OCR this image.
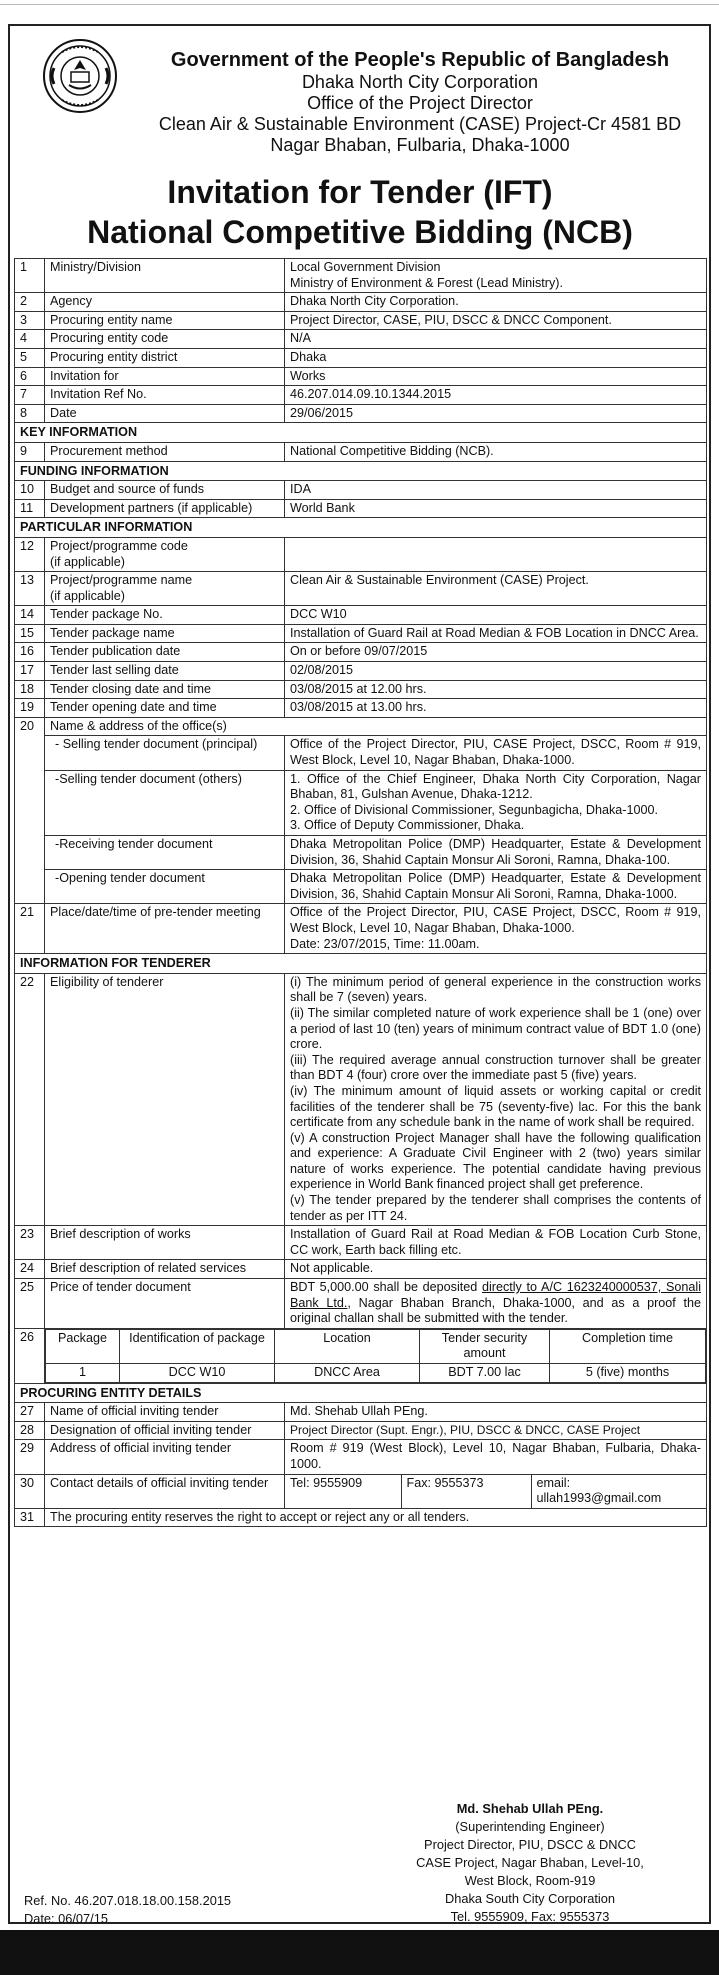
Government of the People's Republic of Bangladesh
Dhaka North City Corporation
Office of the Project Director
Clean Air & Sustainable Environment (CASE) Project-Cr 4581 BD
Nagar Bhaban, Fulbaria, Dhaka-1000
Invitation for Tender (IFT)
National Competitive Bidding (NCB)
1	Ministry/Division	Local Government Division
Ministry of Environment & Forest (Lead Ministry).

2	Agency	Dhaka North City Corporation.
3	Procuring entity name	Project Director, CASE, PIU, DSCC & DNCC Component.
4	Procuring entity code	N/A
5	Procuring entity district	Dhaka
6	Invitation for	Works
7	Invitation Ref No.	46.207.014.09.10.1344.2015
8	Date	29/06/2015
KEY INFORMATION
9	Procurement method	National Competitive Bidding (NCB).
FUNDING INFORMATION
10	Budget and source of funds	IDA
11	Development partners (if applicable)	World Bank
PARTICULAR INFORMATION
12	Project/programme code
(if applicable)

13	Project/programme name
(if applicable)
	Clean Air & Sustainable Environment (CASE) Project.
14	Tender package No.	DCC W10
15	Tender package name	Installation of Guard Rail at Road Median & FOB Location in DNCC Area.
16	Tender publication date	On or before 09/07/2015
17	Tender last selling date	02/08/2015
18	Tender closing date and time	03/08/2015 at 12.00 hrs.
19	Tender opening date and time	03/08/2015 at 13.00 hrs.
20	Name & address of the office(s)
- Selling tender document (principal)	Office of the Project Director, PIU, CASE Project, DSCC, Room # 919, West Block, Level 10, Nagar Bhaban, Dhaka-1000.
-Selling tender document (others)	1. Office of the Chief Engineer, Dhaka North City Corporation, Nagar Bhaban, 81, Gulshan Avenue, Dhaka-1212.
2. Office of Divisional Commissioner, Segunbagicha, Dhaka-1000.
3. Office of Deputy Commissioner, Dhaka.

-Receiving tender document	Dhaka Metropolitan Police (DMP) Headquarter, Estate & Development Division, 36, Shahid Captain Monsur Ali Soroni, Ramna, Dhaka-100.
-Opening tender document	Dhaka Metropolitan Police (DMP) Headquarter, Estate & Development Division, 36, Shahid Captain Monsur Ali Soroni, Ramna, Dhaka-1000.
21	Place/date/time of pre-tender meeting	Office of the Project Director, PIU, CASE Project, DSCC, Room # 919, West Block, Level 10, Nagar Bhaban, Dhaka-1000.
Date: 23/07/2015, Time: 11.00am.

INFORMATION FOR TENDERER
22	Eligibility of tenderer	(i) The minimum period of general experience in the construction works shall be 7 (seven) years.
(ii) The similar completed nature of work experience shall be 1 (one) over a period of last 10 (ten) years of minimum contract value of BDT 1.0 (one) crore.
(iii) The required average annual construction turnover shall be greater than BDT 4 (four) crore over the immediate past 5 (five) years.
(iv) The minimum amount of liquid assets or working capital or credit facilities of the tenderer shall be 75 (seventy-five) lac. For this the bank certificate from any schedule bank in the name of work shall be required.
(v) A construction Project Manager shall have the following qualification and experience: A Graduate Civil Engineer with 2 (two) years similar nature of works experience. The potential candidate having previous experience in World Bank financed project shall get preference.
(v) The tender prepared by the tenderer shall comprises the contents of tender as per ITT 24.

23	Brief description of works	Installation of Guard Rail at Road Median & FOB Location Curb Stone, CC work, Earth back filling etc.
24	Brief description of related services	Not applicable.
25	Price of tender document	BDT 5,000.00 shall be deposited directly to A/C 1623240000537, Sonali Bank Ltd., Nagar Bhaban Branch, Dhaka-1000, and as a proof the original challan shall be submitted with the tender.
26	Package	Identification of package	Location	Tender security amount	Completion time
1	DCC W10	DNCC Area	BDT 7.00 lac	5 (five) months

PROCURING ENTITY DETAILS
27	Name of official inviting tender	Md. Shehab Ullah PEng.
28	Designation of official inviting tender	Project Director (Supt. Engr.), PIU, DSCC & DNCC, CASE Project
29	Address of official inviting tender	Room # 919 (West Block), Level 10, Nagar Bhaban, Fulbaria, Dhaka-1000.
30	Contact details of official inviting tender	Tel: 9555909	Fax: 9555373	email:
ullah1993@gmail.com

31	The procuring entity reserves the right to accept or reject any or all tenders.
Md. Shehab Ullah PEng.
(Superintending Engineer)
Project Director, PIU, DSCC & DNCC
CASE Project, Nagar Bhaban, Level-10,
West Block, Room-919
Dhaka South City Corporation
Tel. 9555909, Fax: 9555373
Ref. No. 46.207.018.18.00.158.2015
Date: 06/07/15
